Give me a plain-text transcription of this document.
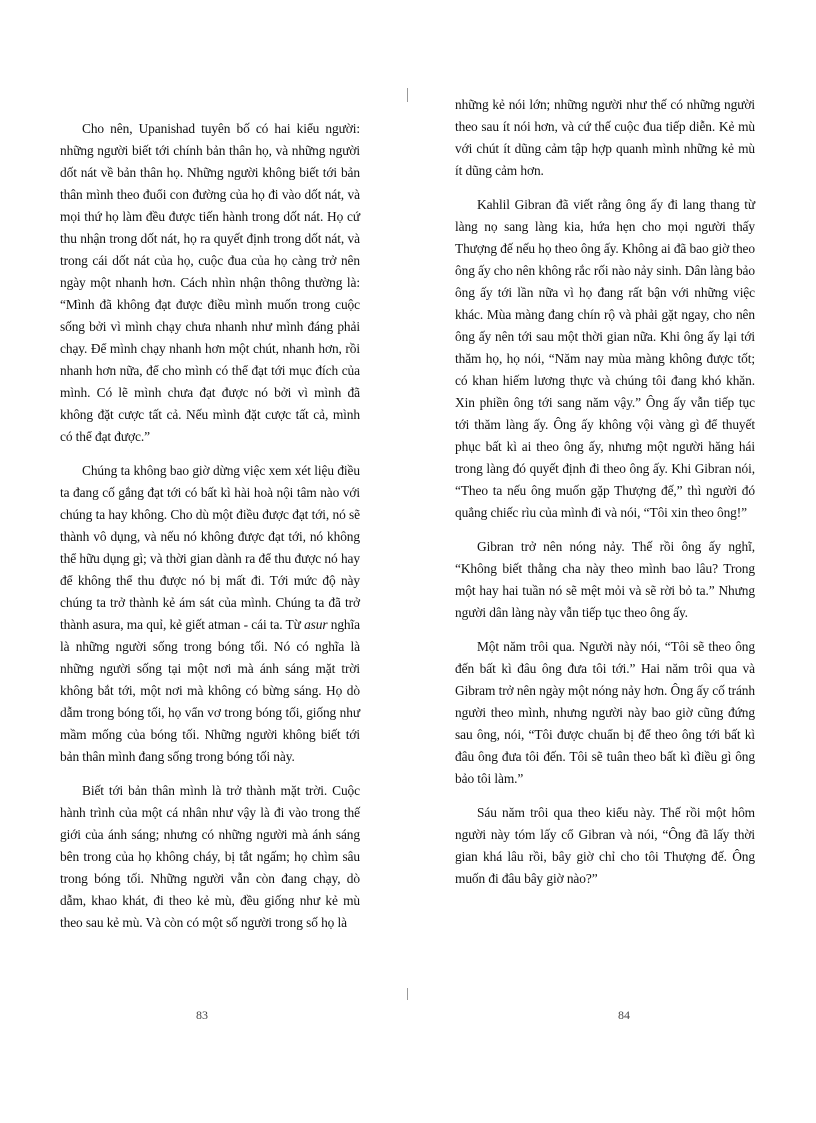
Cho nên, Upanishad tuyên bố có hai kiểu người: những người biết tới chính bản thân họ, và những người dốt nát về bản thân họ. Những người không biết tới bản thân mình theo đuổi con đường của họ đi vào dốt nát, và mọi thứ họ làm đều được tiến hành trong dốt nát. Họ cứ thu nhận trong dốt nát, họ ra quyết định trong dốt nát, và trong cái dốt nát của họ, cuộc đua của họ càng trở nên ngày một nhanh hơn. Cách nhìn nhận thông thường là: “Mình đã không đạt được điều mình muốn trong cuộc sống bởi vì mình chạy chưa nhanh như mình đáng phải chạy. Để mình chạy nhanh hơn một chút, nhanh hơn, rồi nhanh hơn nữa, để cho mình có thể đạt tới mục đích của mình. Có lẽ mình chưa đạt được nó bởi vì mình đã không đặt cược tất cả. Nếu mình đặt cược tất cả, mình có thể đạt được.”

Chúng ta không bao giờ dừng việc xem xét liệu điều ta đang cố gắng đạt tới có bất kì hài hoà nội tâm nào với chúng ta hay không. Cho dù một điều được đạt tới, nó sẽ thành vô dụng, và nếu nó không được đạt tới, nó không thể hữu dụng gì; và thời gian dành ra để thu được nó hay để không thể thu được nó bị mất đi. Tới mức độ này chúng ta trở thành kẻ ám sát của mình. Chúng ta đã trở thành asura, ma quỉ, kẻ giết atman - cái ta. Từ asur nghĩa là những người sống trong bóng tối. Nó có nghĩa là những người sống tại một nơi mà ánh sáng mặt trời không bắt tới, một nơi mà không có bừng sáng. Họ dò dẫm trong bóng tối, họ vẩn vơ trong bóng tối, giống như mầm mống của bóng tối. Những người không biết tới bản thân mình đang sống trong bóng tối này.

Biết tới bản thân mình là trở thành mặt trời. Cuộc hành trình của một cá nhân như vậy là đi vào trong thế giới của ánh sáng; nhưng có những người mà ánh sáng bên trong của họ không cháy, bị tắt ngấm; họ chìm sâu trong bóng tối. Những người vẫn còn đang chạy, dò dẫm, khao khát, đi theo kẻ mù, đều giống như kẻ mù theo sau kẻ mù. Và còn có một số người trong số họ là

những kẻ nói lớn; những người như thế có những người theo sau ít nói hơn, và cứ thế cuộc đua tiếp diễn. Kẻ mù với chút ít dũng cảm tập hợp quanh mình những kẻ mù ít dũng cảm hơn.

Kahlil Gibran đã viết rằng ông ấy đi lang thang từ làng nọ sang làng kia, hứa hẹn cho mọi người thấy Thượng đế nếu họ theo ông ấy. Không ai đã bao giờ theo ông ấy cho nên không rắc rối nào nảy sinh. Dân làng bảo ông ấy tới lần nữa vì họ đang rất bận với những việc khác. Mùa màng đang chín rộ và phải gặt ngay, cho nên ông ấy nên tới sau một thời gian nữa. Khi ông ấy lại tới thăm họ, họ nói, “Năm nay mùa màng không được tốt; có khan hiếm lương thực và chúng tôi đang khó khăn. Xin phiền ông tới sang năm vậy.” Ông ấy vẫn tiếp tục tới thăm làng ấy. Ông ấy không vội vàng gì để thuyết phục bất kì ai theo ông ấy, nhưng một người hăng hái trong làng đó quyết định đi theo ông ấy. Khi Gibran nói, “Theo ta nếu ông muốn gặp Thượng đế,” thì người đó quẳng chiếc rìu của mình đi và nói, “Tôi xin theo ông!”

Gibran trở nên nóng nảy. Thế rồi ông ấy nghĩ, “Không biết thằng cha này theo mình bao lâu? Trong một hay hai tuần nó sẽ mệt mỏi và sẽ rời bỏ ta.” Nhưng người dân làng này vẫn tiếp tục theo ông ấy.

Một năm trôi qua. Người này nói, “Tôi sẽ theo ông đến bất kì đâu ông đưa tôi tới.” Hai năm trôi qua và Gibram trở nên ngày một nóng nảy hơn. Ông ấy cố tránh người theo mình, nhưng người này bao giờ cũng đứng sau ông, nói, “Tôi được chuẩn bị để theo ông tới bất kì đâu ông đưa tôi đến. Tôi sẽ tuân theo bất kì điều gì ông bảo tôi làm.”

Sáu năm trôi qua theo kiểu này. Thế rồi một hôm người này tóm lấy cổ Gibran và nói, “Ông đã lấy thời gian khá lâu rồi, bây giờ chỉ cho tôi Thượng đế. Ông muốn đi đâu bây giờ nào?”

83	84
